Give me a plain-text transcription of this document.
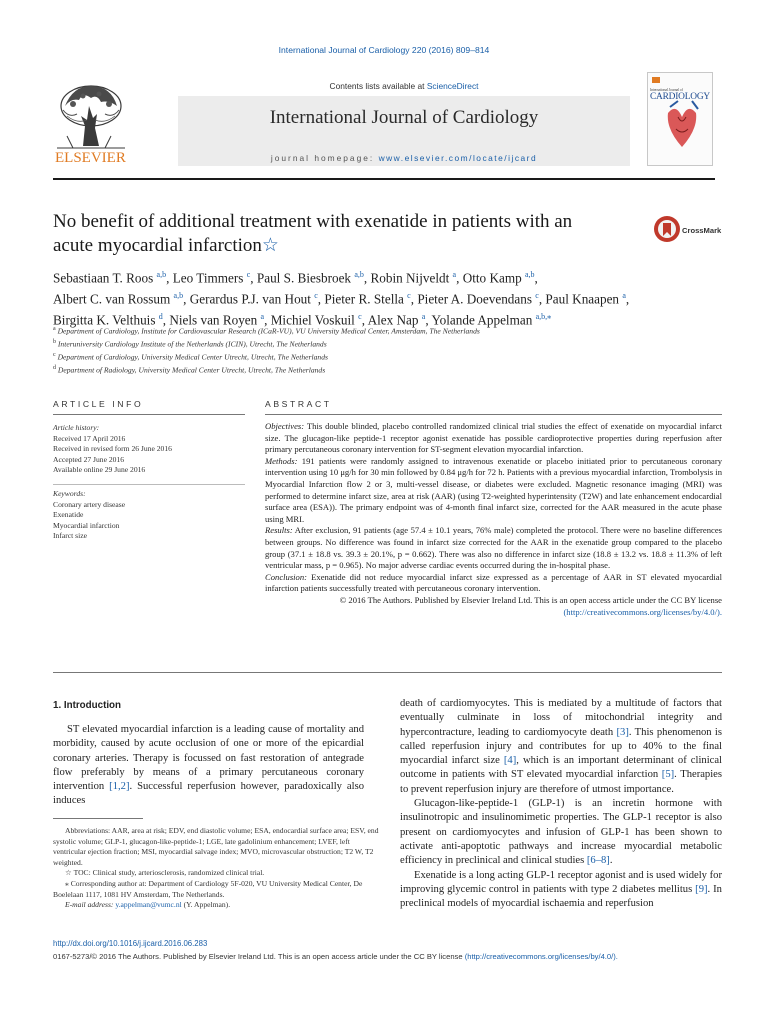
International Journal of Cardiology 220 (2016) 809–814
ELSEVIER
Contents lists available at ScienceDirect
International Journal of Cardiology
journal homepage: www.elsevier.com/locate/ijcard
International Journal of
CARDIOLOGY
No benefit of additional treatment with exenatide in patients with an
acute myocardial infarction☆
CrossMark
Sebastiaan T. Roos $^{a,b}$, Leo Timmers $^c$, Paul S. Biesbroek $^{a,b}$, Robin Nijveldt $^a$, Otto Kamp $^{a,b}$,
Albert C. van Rossum $^{a,b}$, Gerardus P.J. van Hout $^c$, Pieter R. Stella $^c$, Pieter A. Doevendans $^c$, Paul Knaapen $^a$,
Birgitta K. Velthuis $^d$, Niels van Royen $^a$, Michiel Voskuil $^c$, Alex Nap $^a$, Yolande Appelman $^{a,b,⁎}$
$^a$ Department of Cardiology, Institute for Cardiovascular Research (ICaR-VU), VU University Medical Center, Amsterdam, The Netherlands
$^b$ Interuniversity Cardiology Institute of the Netherlands (ICIN), Utrecht, The Netherlands
$^c$ Department of Cardiology, University Medical Center Utrecht, Utrecht, The Netherlands
$^d$ Department of Radiology, University Medical Center Utrecht, Utrecht, The Netherlands
ARTICLE INFO
Article history:
Received 17 April 2016
Received in revised form 26 June 2016
Accepted 27 June 2016
Available online 29 June 2016
Keywords:
Coronary artery disease
Exenatide
Myocardial infarction
Infarct size
ABSTRACT

Objectives: This double blinded, placebo controlled randomized clinical trial studies the effect of exenatide on myocardial infarct size. The glucagon-like peptide-1 receptor agonist exenatide has possible cardioprotective properties during reperfusion after primary percutaneous coronary intervention for ST-segment elevation myocardial infarction.

Methods: 191 patients were randomly assigned to intravenous exenatide or placebo initiated prior to percutaneous coronary intervention using 10 μg/h for 30 min followed by 0.84 μg/h for 72 h. Patients with a previous myocardial infarction, Trombolysis in Myocardial Infarction flow 2 or 3, multi-vessel disease, or diabetes were excluded. Magnetic resonance imaging (MRI) was performed to determine infarct size, area at risk (AAR) (using T2-weighted hyperintensity (T2W) and late enhancement endocardial surface area (ESA)). The primary endpoint was of 4-month final infarct size, corrected for the AAR measured in the acute phase using MRI.

Results: After exclusion, 91 patients (age 57.4 ± 10.1 years, 76% male) completed the protocol. There were no baseline differences between groups. No difference was found in infarct size corrected for the AAR in the exenatide group compared to the placebo group (37.1 ± 18.8 vs. 39.3 ± 20.1%, p = 0.662). There was also no difference in infarct size (18.8 ± 13.2 vs. 18.8 ± 11.3% of left ventricular mass, p = 0.965). No major adverse cardiac events occurred during the in-hospital phase.

Conclusion: Exenatide did not reduce myocardial infarct size expressed as a percentage of AAR in ST elevated myocardial infarction patients successfully treated with percutaneous coronary intervention.

© 2016 The Authors. Published by Elsevier Ireland Ltd. This is an open access article under the CC BY license
(http://creativecommons.org/licenses/by/4.0/).

1. Introduction

ST elevated myocardial infarction is a leading cause of mortality and morbidity, caused by acute occlusion of one or more of the epicardial coronary arteries. Therapy is focussed on fast restoration of antegrade flow preferably by means of a primary percutaneous coronary intervention [1,2]. Successful reperfusion however, paradoxically also induces

Abbreviations: AAR, area at risk; EDV, end diastolic volume; ESA, endocardial surface area; ESV, end systolic volume; GLP-1, glucagon-like-peptide-1; LGE, late gadolinium enhancement; LVEF, left ventricular ejection fraction; MSI, myocardial salvage index; MVO, microvascular obstruction; T2 W, T2 weighted.

☆ TOC: Clinical study, arteriosclerosis, randomized clinical trial.

⁎ Corresponding author at: Department of Cardiology 5F-020, VU University Medical Center, De Boelelaan 1117, 1081 HV Amsterdam, The Netherlands.

E-mail address: y.appelman@vumc.nl (Y. Appelman).

death of cardiomyocytes. This is mediated by a multitude of factors that eventually culminate in loss of mitochondrial integrity and hypercontracture, leading to cardiomyocyte death [3]. This phenomenon is called reperfusion injury and contributes for up to 40% to the final myocardial infarct size [4], which is an important determinant of clinical outcome in patients with ST elevated myocardial infarction [5]. Therapies to prevent reperfusion injury are therefore of utmost importance.

Glucagon-like-peptide-1 (GLP-1) is an incretin hormone with insulinotropic and insulinomimetic properties. The GLP-1 receptor is also present on cardiomyocytes and infusion of GLP-1 has been shown to activate anti-apoptotic pathways and increase myocardial metabolic efficiency in preclinical and clinical studies [6–8].

Exenatide is a long acting GLP-1 receptor agonist and is used widely for improving glycemic control in patients with type 2 diabetes mellitus [9]. In preclinical models of myocardial ischaemia and reperfusion

http://dx.doi.org/10.1016/j.ijcard.2016.06.283
0167-5273/© 2016 The Authors. Published by Elsevier Ireland Ltd. This is an open access article under the CC BY license (http://creativecommons.org/licenses/by/4.0/).
